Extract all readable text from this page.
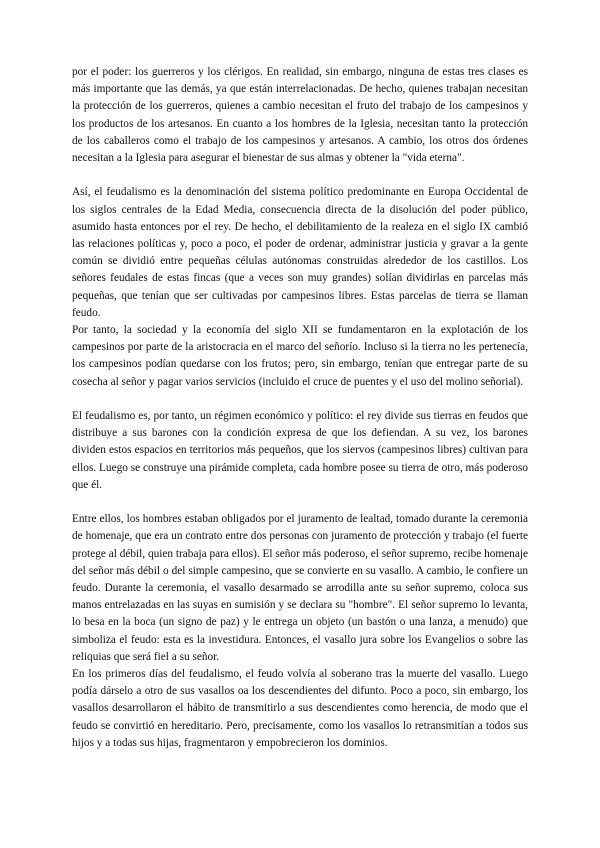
por el poder: los guerreros y los clérigos. En realidad, sin embargo, ninguna de estas tres clases es más importante que las demás, ya que están interrelacionadas. De hecho, quienes trabajan necesitan la protección de los guerreros, quienes a cambio necesitan el fruto del trabajo de los campesinos y los productos de los artesanos. En cuanto a los hombres de la Iglesia, necesitan tanto la protección de los caballeros como el trabajo de los campesinos y artesanos. A cambio, los otros dos órdenes necesitan a la Iglesia para asegurar el bienestar de sus almas y obtener la "vida eterna".

Así, el feudalismo es la denominación del sistema político predominante en Europa Occidental de los siglos centrales de la Edad Media, consecuencia directa de la disolución del poder público, asumido hasta entonces por el rey. De hecho, el debilitamiento de la realeza en el siglo IX cambió las relaciones políticas y, poco a poco, el poder de ordenar, administrar justicia y gravar a la gente común se dividió entre pequeñas células autónomas construidas alrededor de los castillos. Los señores feudales de estas fincas (que a veces son muy grandes) solían dividirlas en parcelas más pequeñas, que tenían que ser cultivadas por campesinos libres. Estas parcelas de tierra se llaman feudo.

Por tanto, la sociedad y la economía del siglo XII se fundamentaron en la explotación de los campesinos por parte de la aristocracia en el marco del señorío. Incluso si la tierra no les pertenecía, los campesinos podían quedarse con los frutos; pero, sin embargo, tenían que entregar parte de su cosecha al señor y pagar varios servicios (incluido el cruce de puentes y el uso del molino señorial).

El feudalismo es, por tanto, un régimen económico y político: el rey divide sus tierras en feudos que distribuye a sus barones con la condición expresa de que los defiendan. A su vez, los barones dividen estos espacios en territorios más pequeños, que los siervos (campesinos libres) cultivan para ellos. Luego se construye una pirámide completa, cada hombre posee su tierra de otro, más poderoso que él.

Entre ellos, los hombres estaban obligados por el juramento de lealtad, tomado durante la ceremonia de homenaje, que era un contrato entre dos personas con juramento de protección y trabajo (el fuerte protege al débil, quien trabaja para ellos). El señor más poderoso, el señor supremo, recibe homenaje del señor más débil o del simple campesino, que se convierte en su vasallo. A cambio, le confiere un feudo. Durante la ceremonia, el vasallo desarmado se arrodilla ante su señor supremo, coloca sus manos entrelazadas en las suyas en sumisión y se declara su "hombre". El señor supremo lo levanta, lo besa en la boca (un signo de paz) y le entrega un objeto (un bastón o una lanza, a menudo) que simboliza el feudo: esta es la investidura. Entonces, el vasallo jura sobre los Evangelios o sobre las reliquias que será fiel a su señor.

En los primeros días del feudalismo, el feudo volvía al soberano tras la muerte del vasallo. Luego podía dárselo a otro de sus vasallos oa los descendientes del difunto. Poco a poco, sin embargo, los vasallos desarrollaron el hábito de transmitirlo a sus descendientes como herencia, de modo que el feudo se convirtió en hereditario. Pero, precisamente, como los vasallos lo retransmitían a todos sus hijos y a todas sus hijas, fragmentaron y empobrecieron los dominios.
